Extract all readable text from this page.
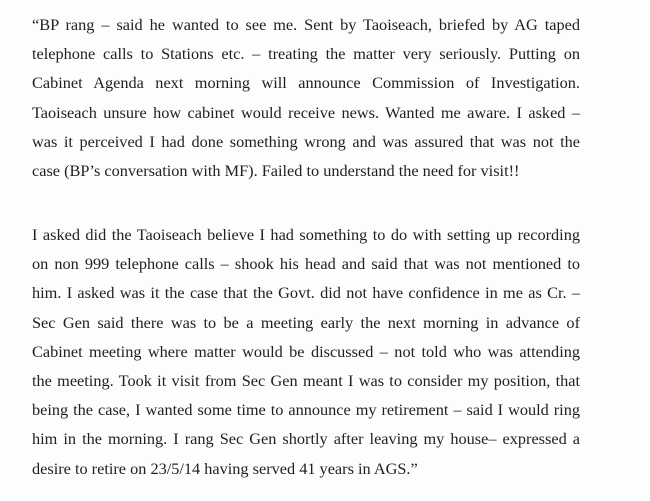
“BP rang – said he wanted to see me. Sent by Taoiseach, briefed by AG taped
telephone calls to Stations etc. – treating the matter very seriously. Putting on
Cabinet Agenda next morning will announce Commission of Investigation.
Taoiseach unsure how cabinet would receive news. Wanted me aware. I asked –
was it perceived I had done something wrong and was assured that was not the
case (BP’s conversation with MF). Failed to understand the need for visit!!

I asked did the Taoiseach believe I had something to do with setting up recording
on non 999 telephone calls – shook his head and said that was not mentioned to
him. I asked was it the case that the Govt. did not have confidence in me as Cr. –
Sec Gen said there was to be a meeting early the next morning in advance of
Cabinet meeting where matter would be discussed – not told who was attending
the meeting. Took it visit from Sec Gen meant I was to consider my position, that
being the case, I wanted some time to announce my retirement – said I would ring
him in the morning. I rang Sec Gen shortly after leaving my house– expressed a
desire to retire on 23/5/14 having served 41 years in AGS.”
